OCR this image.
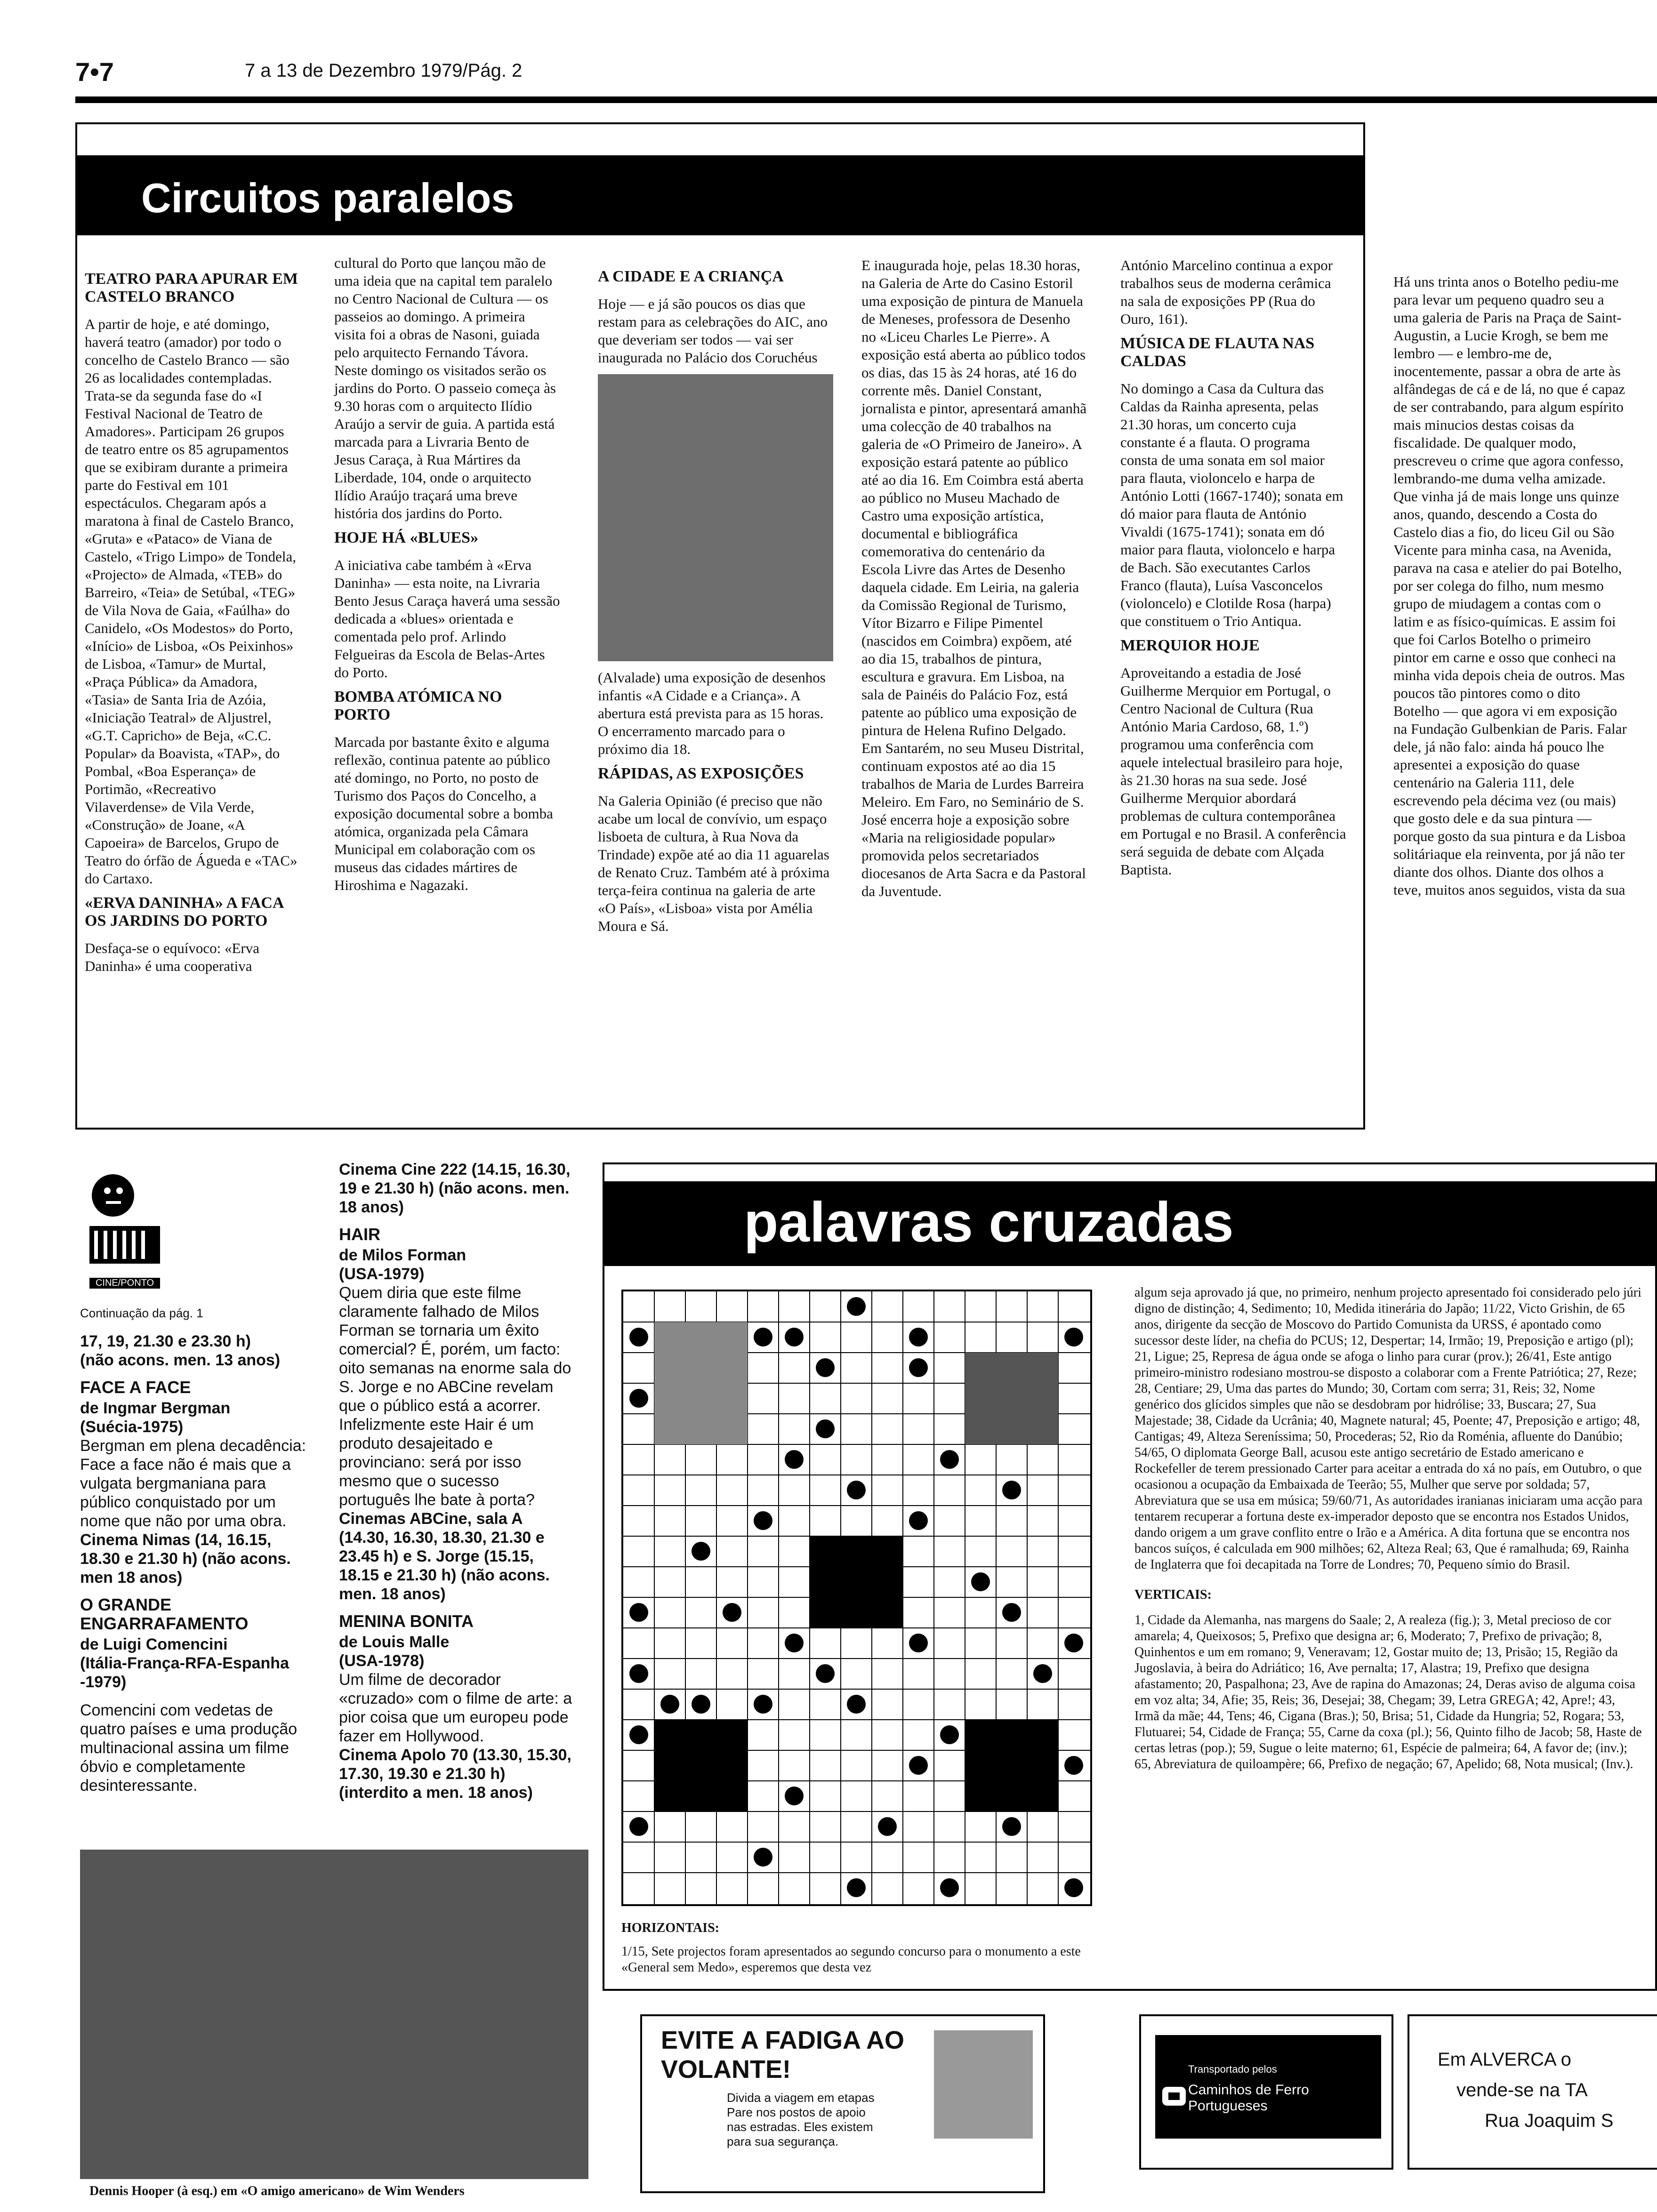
7•7	7 a 13 de Dezembro 1979/Pág. 2
Circuitos paralelos
TEATRO PARA APURAR EM CASTELO BRANCO

A partir de hoje, e até domingo, haverá teatro (amador) por todo o concelho de Castelo Branco — são 26 as localidades contempladas. Trata-se da segunda fase do «I Festival Nacional de Teatro de Amadores». Participam 26 grupos de teatro entre os 85 agrupamentos que se exibiram durante a primeira parte do Festival em 101 espectáculos. Chegaram após a maratona à final de Castelo Branco, «Gruta» e «Pataco» de Viana de Castelo, «Trigo Limpo» de Tondela, «Projecto» de Almada, «TEB» do Barreiro, «Teia» de Setúbal, «TEG» de Vila Nova de Gaia, «Faúlha» do Canidelo, «Os Modestos» do Porto, «Início» de Lisboa, «Os Peixinhos» de Lisboa, «Tamur» de Murtal, «Praça Pública» da Amadora, «Tasia» de Santa Iria de Azóia, «Iniciação Teatral» de Aljustrel, «G.T. Capricho» de Beja, «C.C. Popular» da Boavista, «TAP», do Pombal, «Boa Esperança» de Portimão, «Recreativo Vilaverdense» de Vila Verde, «Construção» de Joane, «A Capoeira» de Barcelos, Grupo de Teatro do órfão de Águeda e «TAC» do Cartaxo.

«ERVA DANINHA» A FACA OS JARDINS DO PORTO

Desfaça-se o equívoco: «Erva Daninha» é uma cooperativa

cultural do Porto que lançou mão de uma ideia que na capital tem paralelo no Centro Nacional de Cultura — os passeios ao domingo. A primeira visita foi a obras de Nasoni, guiada pelo arquitecto Fernando Távora. Neste domingo os visitados serão os jardins do Porto. O passeio começa às 9.30 horas com o arquitecto Ilídio Araújo a servir de guia. A partida está marcada para a Livraria Bento de Jesus Caraça, à Rua Mártires da Liberdade, 104, onde o arquitecto Ilídio Araújo traçará uma breve história dos jardins do Porto.

HOJE HÁ «BLUES»

A iniciativa cabe também à «Erva Daninha» — esta noite, na Livraria Bento Jesus Caraça haverá uma sessão dedicada a «blues» orientada e comentada pelo prof. Arlindo Felgueiras da Escola de Belas-Artes do Porto.

BOMBA ATÓMICA NO PORTO

Marcada por bastante êxito e alguma reflexão, continua patente ao público até domingo, no Porto, no posto de Turismo dos Paços do Concelho, a exposição documental sobre a bomba atómica, organizada pela Câmara Municipal em colaboração com os museus das cidades mártires de Hiroshima e Nagazaki.

A CIDADE E A CRIANÇA

Hoje — e já são poucos os dias que restam para as celebrações do AIC, ano que deveriam ser todos — vai ser inaugurada no Palácio dos Coruchéus

(Alvalade) uma exposição de desenhos infantis «A Cidade e a Criança». A abertura está prevista para as 15 horas. O encerramento marcado para o próximo dia 18.

RÁPIDAS, AS EXPOSIÇÕES

Na Galeria Opinião (é preciso que não acabe um local de convívio, um espaço lisboeta de cultura, à Rua Nova da Trindade) expõe até ao dia 11 aguarelas de Renato Cruz. Também até à próxima terça-feira continua na galeria de arte «O País», «Lisboa» vista por Amélia Moura e Sá.

E inaugurada hoje, pelas 18.30 horas, na Galeria de Arte do Casino Estoril uma exposição de pintura de Manuela de Meneses, professora de Desenho no «Liceu Charles Le Pierre». A exposição está aberta ao público todos os dias, das 15 às 24 horas, até 16 do corrente mês. Daniel Constant, jornalista e pintor, apresentará amanhã uma colecção de 40 trabalhos na galeria de «O Primeiro de Janeiro». A exposição estará patente ao público até ao dia 16. Em Coimbra está aberta ao público no Museu Machado de Castro uma exposição artística, documental e bibliográfica comemorativa do centenário da Escola Livre das Artes de Desenho daquela cidade. Em Leiria, na galeria da Comissão Regional de Turismo, Vítor Bizarro e Filipe Pimentel (nascidos em Coimbra) expõem, até ao dia 15, trabalhos de pintura, escultura e gravura. Em Lisboa, na sala de Painéis do Palácio Foz, está patente ao público uma exposição de pintura de Helena Rufino Delgado. Em Santarém, no seu Museu Distrital, continuam expostos até ao dia 15 trabalhos de Maria de Lurdes Barreira Meleiro. Em Faro, no Seminário de S. José encerra hoje a exposição sobre «Maria na religiosidade popular» promovida pelos secretariados diocesanos de Arta Sacra e da Pastoral da Juventude.

António Marcelino continua a expor trabalhos seus de moderna cerâmica na sala de exposições PP (Rua do Ouro, 161).

MÚSICA DE FLAUTA NAS CALDAS

No domingo a Casa da Cultura das Caldas da Rainha apresenta, pelas 21.30 horas, um concerto cuja constante é a flauta. O programa consta de uma sonata em sol maior para flauta, violoncelo e harpa de António Lotti (1667-1740); sonata em dó maior para flauta de António Vivaldi (1675-1741); sonata em dó maior para flauta, violoncelo e harpa de Bach. São executantes Carlos Franco (flauta), Luísa Vasconcelos (violoncelo) e Clotilde Rosa (harpa) que constituem o Trio Antiqua.

MERQUIOR HOJE

Aproveitando a estadia de José Guilherme Merquior em Portugal, o Centro Nacional de Cultura (Rua António Maria Cardoso, 68, 1.º) programou uma conferência com aquele intelectual brasileiro para hoje, às 21.30 horas na sua sede. José Guilherme Merquior abordará problemas de cultura contemporânea em Portugal e no Brasil. A conferência será seguida de debate com Alçada Baptista.

Há uns trinta anos o Botelho pediu-me para levar um pequeno quadro seu a uma galeria de Paris na Praça de Saint-Augustin, a Lucie Krogh, se bem me lembro — e lembro-me de, inocentemente, passar a obra de arte às alfândegas de cá e de lá, no que é capaz de ser contrabando, para algum espírito mais minucios destas coisas da fiscalidade. De qualquer modo, prescreveu o crime que agora confesso, lembrando-me duma velha amizade. Que vinha já de mais longe uns quinze anos, quando, descendo a Costa do Castelo dias a fio, do liceu Gil ou São Vicente para minha casa, na Avenida, parava na casa e atelier do pai Botelho, por ser colega do filho, num mesmo grupo de miudagem a contas com o latim e as físico-químicas. E assim foi que foi Carlos Botelho o primeiro pintor em carne e osso que conheci na minha vida depois cheia de outros. Mas poucos tão pintores como o dito Botelho — que agora vi em exposição na Fundação Gulbenkian de Paris. Falar dele, já não falo: ainda há pouco lhe apresentei a exposição do quase centenário na Galeria 111, dele escrevendo pela décima vez (ou mais) que gosto dele e da sua pintura — porque gosto da sua pintura e da Lisboa solitáriaque ela reinventa, por já não ter diante dos olhos. Diante dos olhos a teve, muitos anos seguidos, vista da sua

CINE/PONTO
Continuação da pág. 1
17, 19, 21.30 e 23.30 h)
(não acons. men. 13 anos)
FACE A FACE
de Ingmar Bergman
(Suécia-1975)
Bergman em plena decadência: Face a face não é mais que a vulgata bergmaniana para público conquistado por um nome que não por uma obra.
Cinema Nimas (14, 16.15, 18.30 e 21.30 h) (não acons. men 18 anos)
O GRANDE ENGARRAFAMENTO
de Luigi Comencini
(Itália-França-RFA-Espanha -1979)
Comencini com vedetas de quatro países e uma produção multinacional assina um filme óbvio e completamente desinteressante.
Cinema Cine 222 (14.15, 16.30, 19 e 21.30 h) (não acons. men. 18 anos)
HAIR
de Milos Forman
(USA-1979)
Quem diria que este filme claramente falhado de Milos Forman se tornaria um êxito comercial? É, porém, um facto: oito semanas na enorme sala do S. Jorge e no ABCine revelam que o público está a acorrer. Infelizmente este Hair é um produto desajeitado e provinciano: será por isso mesmo que o sucesso português lhe bate à porta?
Cinemas ABCine, sala A (14.30, 16.30, 18.30, 21.30 e 23.45 h) e S. Jorge (15.15, 18.15 e 21.30 h) (não acons. men. 18 anos)
MENINA BONITA
de Louis Malle
(USA-1978)
Um filme de decorador «cruzado» com o filme de arte: a pior coisa que um europeu pode fazer em Hollywood.
Cinema Apolo 70 (13.30, 15.30, 17.30, 19.30 e 21.30 h) (interdito a men. 18 anos)
Dennis Hooper (à esq.) em «O amigo americano» de Wim Wenders
palavras cruzadas
HORIZONTAIS:
1/15, Sete projectos foram apresentados ao segundo concurso para o monumento a este «General sem Medo», esperemos que desta vez
algum seja aprovado já que, no primeiro, nenhum projecto apresentado foi considerado pelo júri digno de distinção; 4, Sedimento; 10, Medida itinerária do Japão; 11/22, Victo Grishin, de 65 anos, dirigente da secção de Moscovo do Partido Comunista da URSS, é apontado como sucessor deste líder, na chefia do PCUS; 12, Despertar; 14, Irmão; 19, Preposição e artigo (pl); 21, Ligue; 25, Represa de água onde se afoga o linho para curar (prov.); 26/41, Este antigo primeiro-ministro rodesiano mostrou-se disposto a colaborar com a Frente Patriótica; 27, Reze; 28, Centiare; 29, Uma das partes do Mundo; 30, Cortam com serra; 31, Reis; 32, Nome genérico dos glícidos simples que não se desdobram por hidrólise; 33, Buscara; 27, Sua Majestade; 38, Cidade da Ucrânia; 40, Magnete natural; 45, Poente; 47, Preposição e artigo; 48, Cantigas; 49, Alteza Sereníssima; 50, Procederas; 52, Rio da Roménia, afluente do Danúbio; 54/65, O diplomata George Ball, acusou este antigo secretário de Estado americano e Rockefeller de terem pressionado Carter para aceitar a entrada do xá no país, em Outubro, o que ocasionou a ocupação da Embaixada de Teerão; 55, Mulher que serve por soldada; 57, Abreviatura que se usa em música; 59/60/71, As autoridades iranianas iniciaram uma acção para tentarem recuperar a fortuna deste ex-imperador deposto que se encontra nos Estados Unidos, dando origem a um grave conflito entre o Irão e a América. A dita fortuna que se encontra nos bancos suíços, é calculada em 900 milhões; 62, Alteza Real; 63, Que é ramalhuda; 69, Rainha de Inglaterra que foi decapitada na Torre de Londres; 70, Pequeno símio do Brasil.
VERTICAIS:
1, Cidade da Alemanha, nas margens do Saale; 2, A realeza (fig.); 3, Metal precioso de cor amarela; 4, Queixosos; 5, Prefixo que designa ar; 6, Moderato; 7, Prefixo de privação; 8, Quinhentos e um em romano; 9, Veneravam; 12, Gostar muito de; 13, Prisão; 15, Região da Jugoslavia, à beira do Adriático; 16, Ave pernalta; 17, Alastra; 19, Prefixo que designa afastamento; 20, Paspalhona; 23, Ave de rapina do Amazonas; 24, Deras aviso de alguma coisa em voz alta; 34, Afie; 35, Reis; 36, Desejai; 38, Chegam; 39, Letra GREGA; 42, Apre!; 43, Irmã da mãe; 44, Tens; 46, Cigana (Bras.); 50, Brisa; 51, Cidade da Hungria; 52, Rogara; 53, Flutuarei; 54, Cidade de França; 55, Carne da coxa (pl.); 56, Quinto filho de Jacob; 58, Haste de certas letras (pop.); 59, Sugue o leite materno; 61, Espécie de palmeira; 64, A favor de; (inv.); 65, Abreviatura de quiloampère; 66, Prefixo de negação; 67, Apelido; 68, Nota musical; (Inv.).
EVITE A FADIGA AO VOLANTE!
Divida a viagem em etapas Pare nos postos de apoio nas estradas. Eles existem para sua segurança.
Transportado pelos
Caminhos de Ferro Portugueses
Em ALVERCA o
vende-se na TA
Rua Joaquim S
